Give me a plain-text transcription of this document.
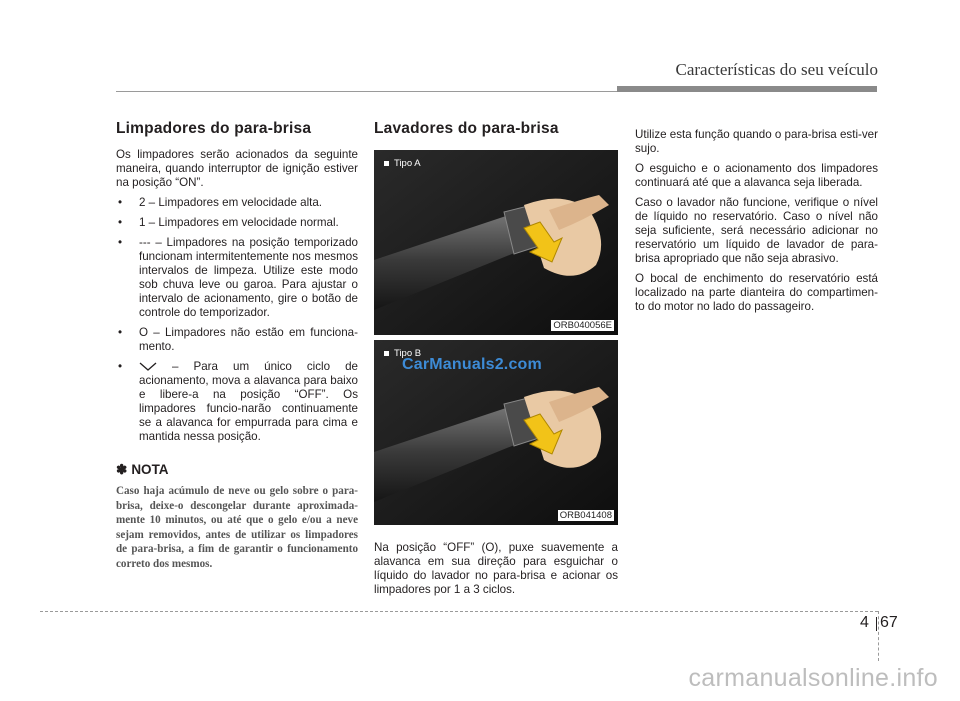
Características do seu veículo
Limpadores do para-brisa

Os limpadores serão acionados da seguinte maneira, quando interruptor de ignição estiver na posição “ON”.

• 2 – Limpadores em velocidade alta.
• 1 – Limpadores em velocidade normal.
• --- – Limpadores na posição temporizado funcionam intermitentemente nos mesmos intervalos de limpeza. Utilize este modo sob chuva leve ou garoa. Para ajustar o intervalo de acionamento, gire o botão de controle do temporizador.
• O – Limpadores não estão em funciona-mento.
•	– Para um único ciclo de acionamento, mova a alavanca para baixo e libere-a na posição “OFF”. Os limpadores funcio-narão continuamente se a alavanca for empurrada para cima e mantida nessa posição.
✽ NOTA

Caso haja acúmulo de neve ou gelo sobre o para-brisa, deixe-o descongelar durante aproximada-mente 10 minutos, ou até que o gelo e/ou a neve sejam removidos, antes de utilizar os limpadores de para-brisa, a fim de garantir o funcionamento correto dos mesmos.

Lavadores do para-brisa
Tipo A
ORB040056E
Tipo B
CarManuals2.com
ORB041408

Na posição “OFF” (O), puxe suavemente a alavanca em sua direção para esguichar o líquido do lavador no para-brisa e acionar os limpadores por 1 a 3 ciclos.

Utilize esta função quando o para-brisa esti-ver sujo.

O esguicho e o acionamento dos limpadores continuará até que a alavanca seja liberada.

Caso o lavador não funcione, verifique o nível de líquido no reservatório. Caso o nível não seja suficiente, será necessário adicionar no reservatório um líquido de lavador de para-brisa apropriado que não seja abrasivo.

O bocal de enchimento do reservatório está localizado na parte dianteira do compartimen-to do motor no lado do passageiro.

4 67
carmanualsonline.info
